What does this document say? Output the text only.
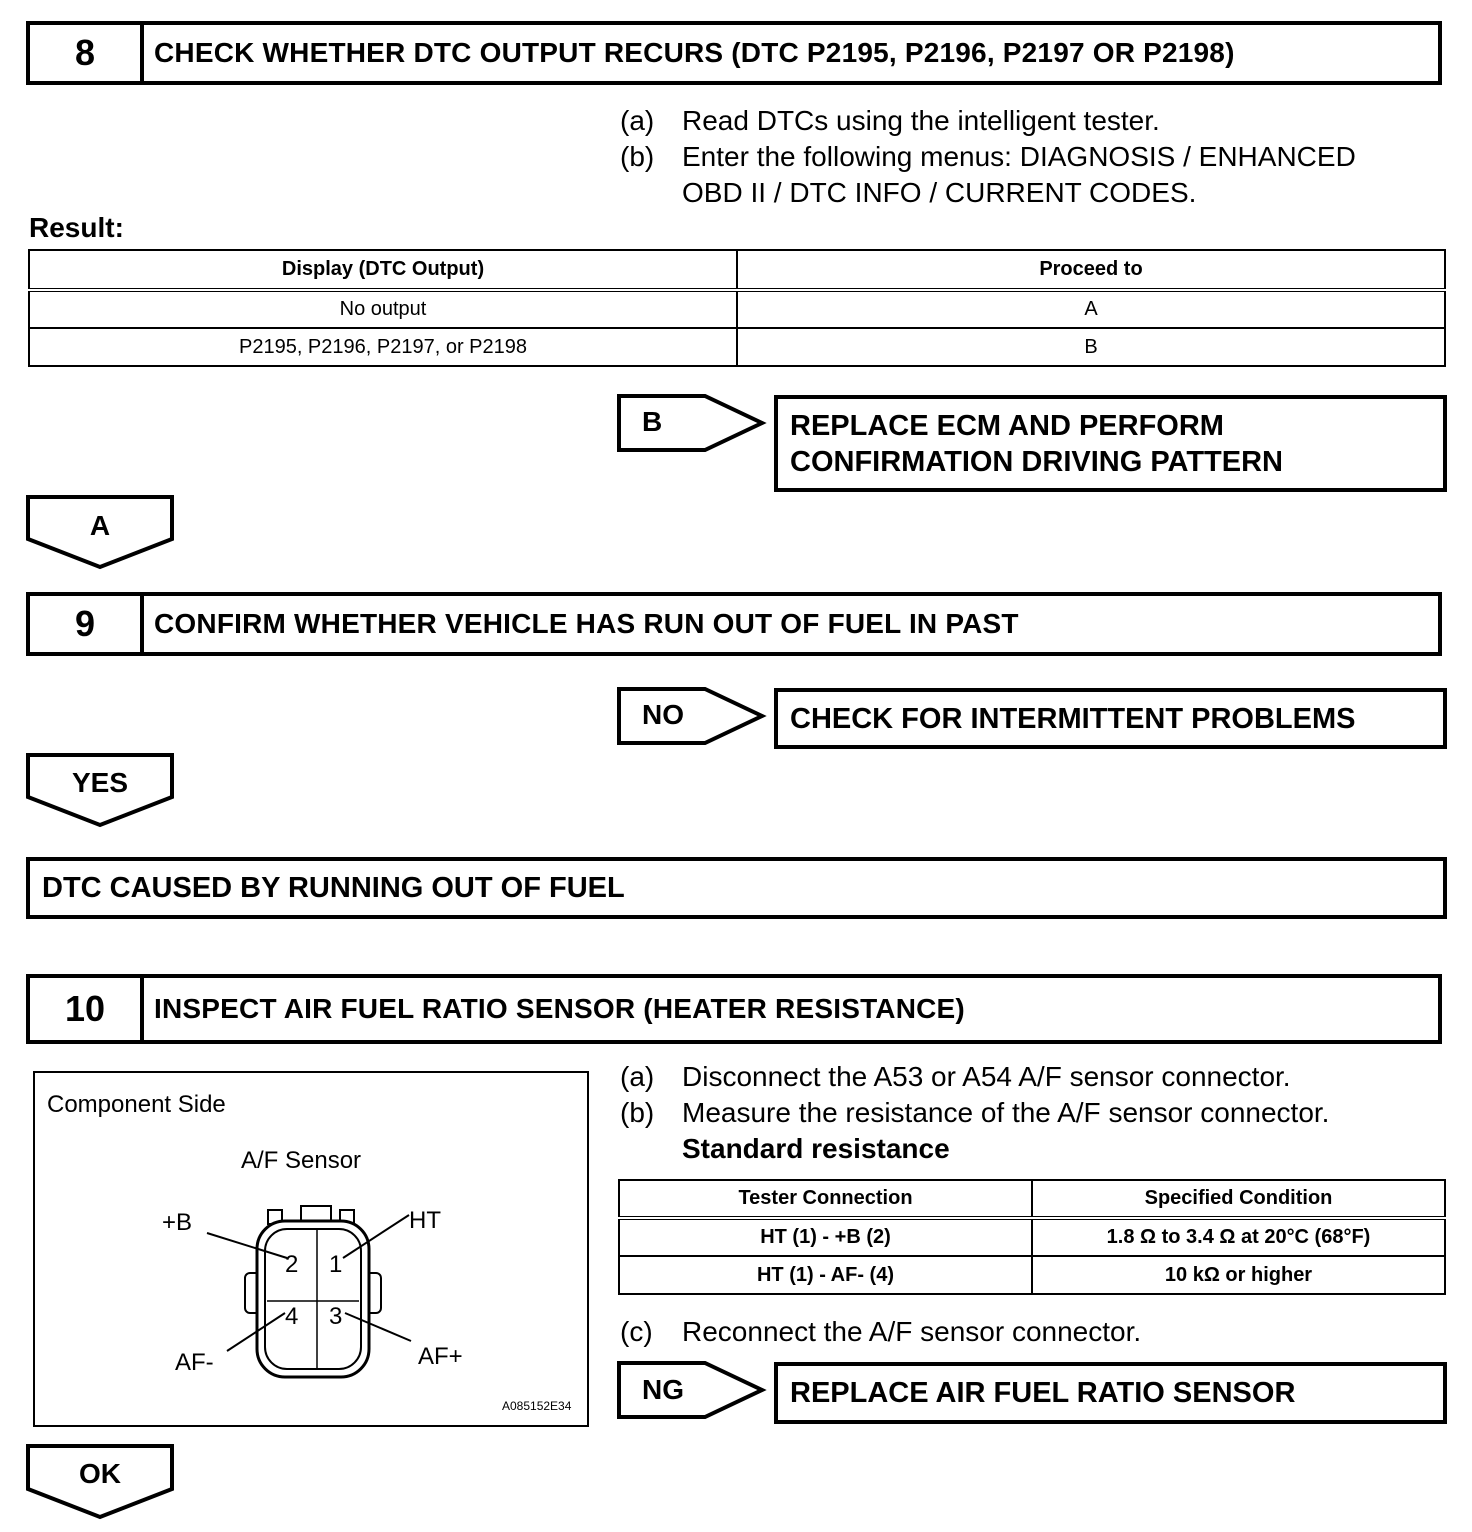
8	CHECK WHETHER DTC OUTPUT RECURS (DTC P2195, P2196, P2197 OR P2198)
(a) Read DTCs using the intelligent tester.
(b) Enter the following menus: DIAGNOSIS / ENHANCED
OBD II / DTC INFO / CURRENT CODES.
Result:
Display (DTC Output)	Proceed to
No output	A
P2195, P2196, P2197, or P2198	B
B	REPLACE ECM AND PERFORM
CONFIRMATION DRIVING PATTERN
A
9	CONFIRM WHETHER VEHICLE HAS RUN OUT OF FUEL IN PAST
NO	CHECK FOR INTERMITTENT PROBLEMS
YES
DTC CAUSED BY RUNNING OUT OF FUEL
10	INSPECT AIR FUEL RATIO SENSOR (HEATER RESISTANCE)
Component Side
A/F Sensor
2 1
4 3
+B	HT
AF-	AF+
A085152E34
(a) Disconnect the A53 or A54 A/F sensor connector.
(b) Measure the resistance of the A/F sensor connector.
Standard resistance
Tester Connection	Specified Condition
HT (1) - +B (2)	1.8 Ω to 3.4 Ω at 20°C (68°F)
HT (1) - AF- (4)	10 kΩ or higher
(c)	Reconnect the A/F sensor connector.
NG	REPLACE AIR FUEL RATIO SENSOR
OK
